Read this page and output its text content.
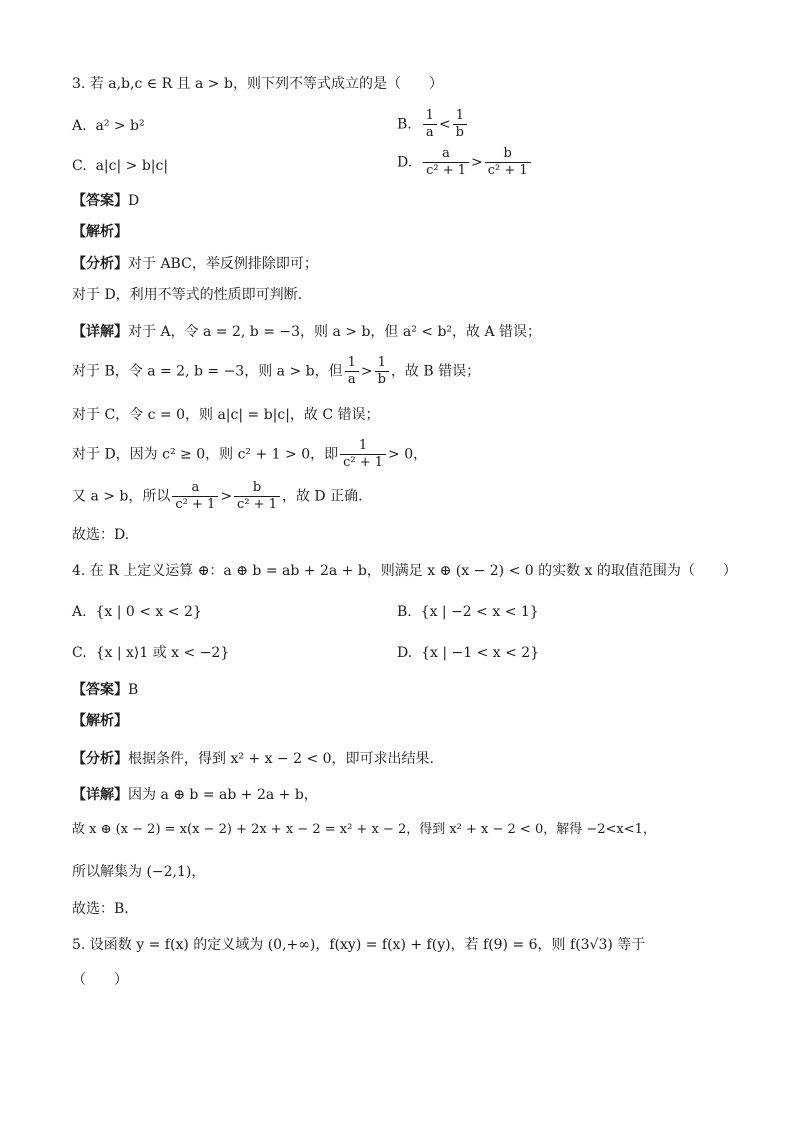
3. 若 a,b,c ∈ R 且 a > b，则下列不等式成立的是（　　）
A. a² > b²	B. $\frac{1}{a} < \frac{1}{b}$
C. a|c| > b|c|	D. $\frac{a}{\text{c² + 1}} > \frac{b}{\text{c² + 1}}$
【答案】D
【解析】
【分析】对于 ABC，举反例排除即可；
对于 D，利用不等式的性质即可判断.
【详解】对于 A，令 a = 2, b = −3，则 a > b，但 a² < b²，故 A 错误；
对于 B，令 a = 2, b = −3，则 a > b，但 $\frac{1}{a} > \frac{1}{b}$ ，故 B 错误；
对于 C，令 c = 0，则 a|c| = b|c|，故 C 错误；
对于 D，因为 c² ≥ 0，则 c² + 1 > 0，即 $\frac{1}{\text{c² + 1}} > 0$，
又 a > b，所以 $\frac{a}{\text{c² + 1}} > \frac{b}{\text{c² + 1}}$ ，故 D 正确.
故选：D.
4. 在 R 上定义运算 ⊕：a ⊕ b = ab + 2a + b，则满足 x ⊕ (x − 2) < 0 的实数 x 的取值范围为（　　）
A. {x | 0 < x < 2}	B. {x | −2 < x < 1}
C. {x | x⟩1 或 x < −2}	D. {x | −1 < x < 2}
【答案】B
【解析】
【分析】根据条件，得到 x² + x − 2 < 0，即可求出结果.
【详解】因为 a ⊕ b = ab + 2a + b，
故 x ⊕ (x − 2) = x(x − 2) + 2x + x − 2 = x² + x − 2，得到 x² + x − 2 < 0，解得 −2<x<1，
所以解集为 (−2,1)，
故选：B.
5. 设函数 y = f(x) 的定义域为 (0,+∞)，f(xy) = f(x) + f(y)，若 f(9) = 6，则 f(3√3) 等于
（　　）
